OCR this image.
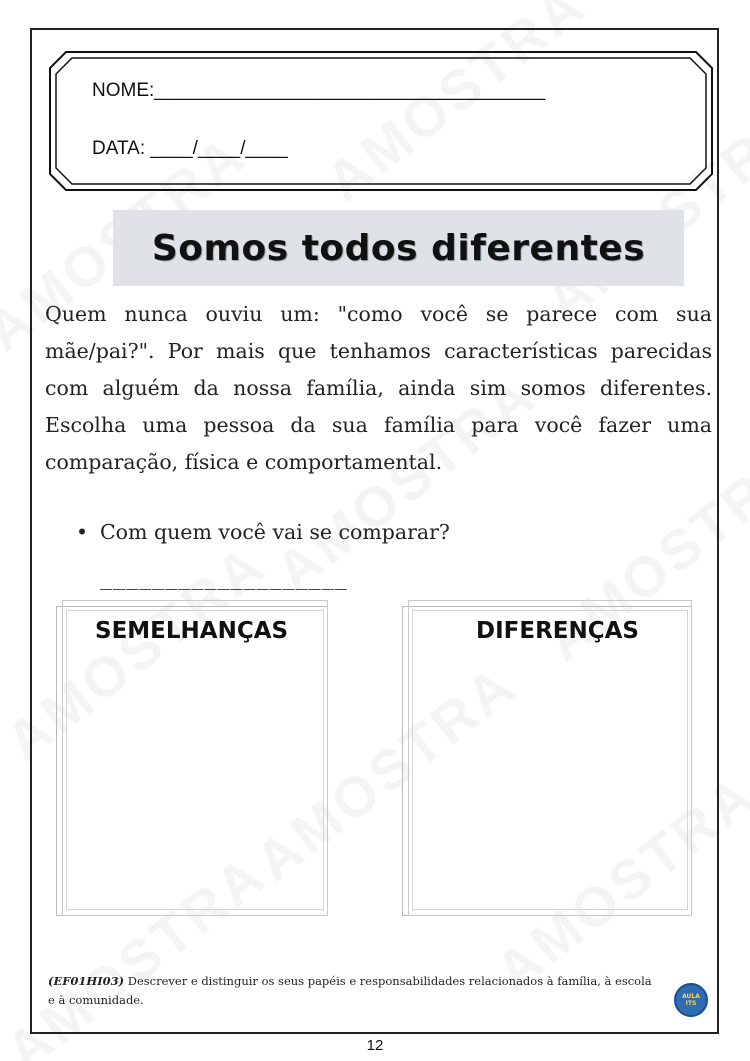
NOME:_____________________________________
DATA: ____/____/____
Somos todos diferentes

Quem nunca ouviu um: "como você se parece com sua mãe/pai?". Por mais que tenhamos características parecidas com alguém da nossa família, ainda sim somos diferentes. Escolha uma pessoa da sua família para você fazer uma comparação, física e comportamental.

• Com quem você vai se comparar?
___________________
SEMELHANÇAS	DIFERENÇAS

(EF01HI03) Descrever e distinguir os seus papéis e responsabilidades relacionados à família, à escola e à comunidade.	AULA ITS
12
